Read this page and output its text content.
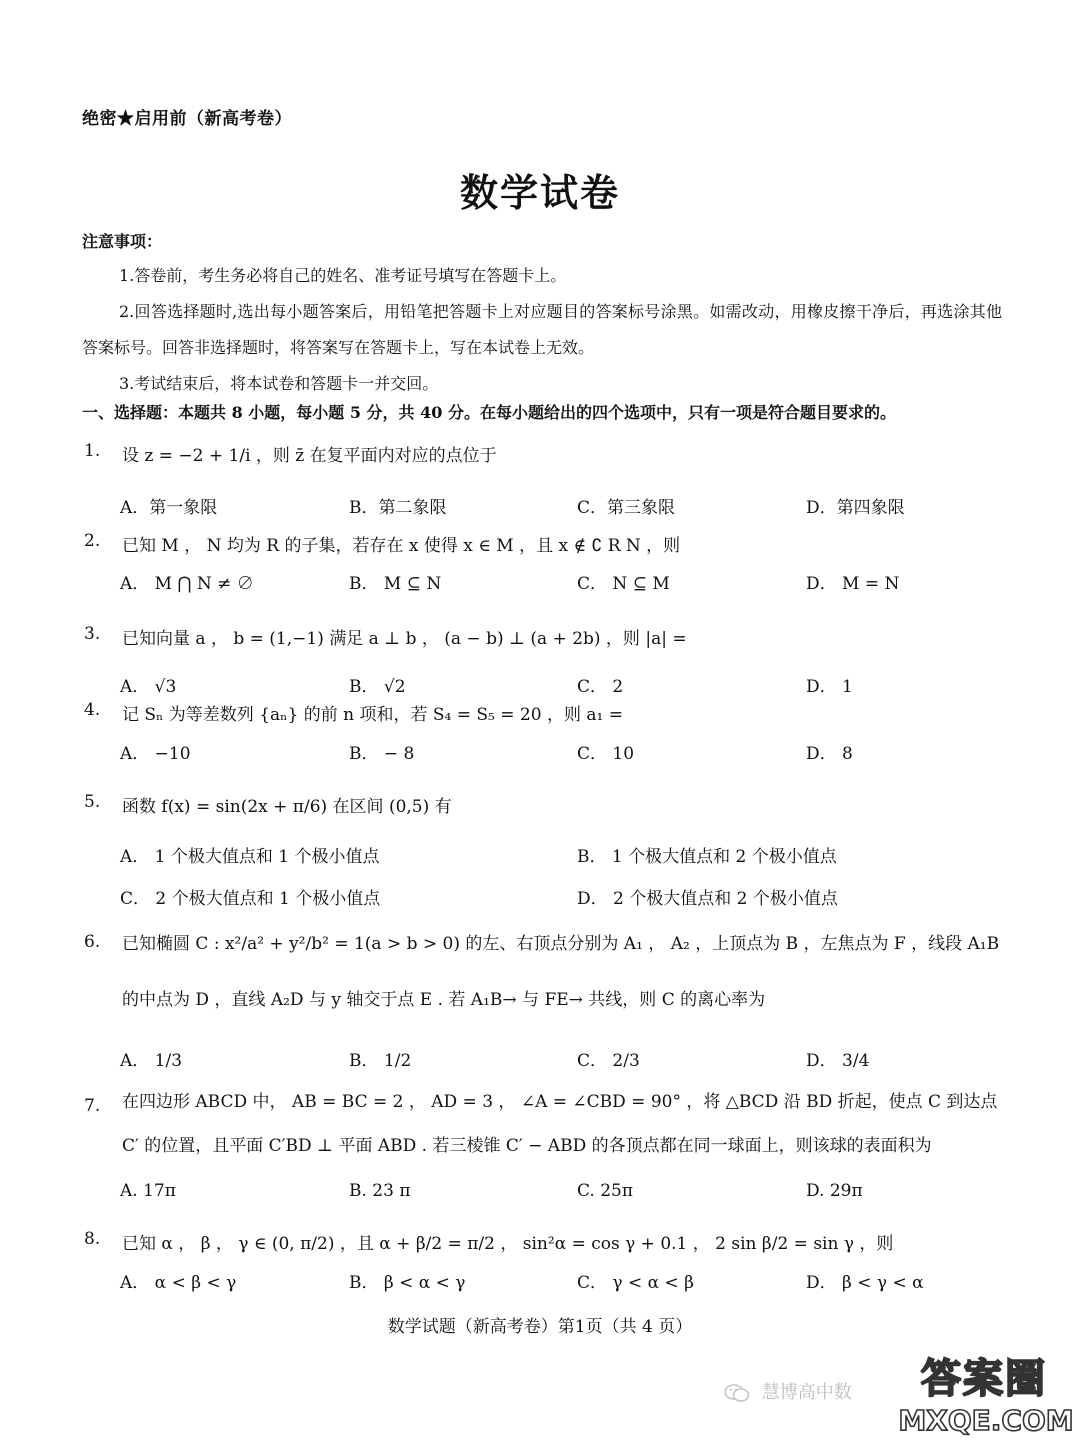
绝密★启用前（新高考卷）
数学试卷
注意事项：

1.答卷前，考生务必将自己的姓名、准考证号填写在答题卡上。

2.回答选择题时,选出每小题答案后，用铅笔把答题卡上对应题目的答案标号涂黑。如需改动，用橡皮擦干净后，再选涂其他答案标号。回答非选择题时，将答案写在答题卡上，写在本试卷上无效。

3.考试结束后，将本试卷和答题卡一并交回。

一、选择题：本题共 8 小题，每小题 5 分，共 40 分。在每小题给出的四个选项中，只有一项是符合题目要求的。
1. 设 z = −2 + 1/i ，则 z̄ 在复平面内对应的点位于
A．第一象限	B．第二象限	C．第三象限	D．第四象限
2. 已知 M ， N 均为 R 的子集，若存在 x 使得 x ∈ M ，且 x ∉ ∁ R N ，则
A． M ⋂ N ≠ ∅	B． M ⊆ N	C． N ⊆ M	D． M = N
3. 已知向量 a ， b = (1,−1) 满足 a ⊥ b ， (a − b) ⊥ (a + 2b) ，则 |a| =
A． √3	B． √2	C． 2	D． 1
4. 记 Sₙ 为等差数列 {aₙ} 的前 n 项和，若 S₄ = S₅ = 20 ，则 a₁ =
A． −10	B． − 8	C． 10	D． 8
5. 函数 f(x) = sin(2x + π/6) 在区间 (0,5) 有
A． 1 个极大值点和 1 个极小值点	B． 1 个极大值点和 2 个极小值点
C． 2 个极大值点和 1 个极小值点	D． 2 个极大值点和 2 个极小值点
6. 已知椭圆 C : x²/a² + y²/b² = 1(a > b > 0) 的左、右顶点分别为 A₁ ， A₂ ，上顶点为 B ，左焦点为 F ，线段 A₁B 的中点为 D ，直线 A₂D 与 y 轴交于点 E . 若 A₁B→ 与 FE→ 共线，则 C 的离心率为
A． 1/3	B． 1/2	C． 2/3	D． 3/4
7. 在四边形 ABCD 中， AB = BC = 2 ， AD = 3 ， ∠A = ∠CBD = 90° ，将 △BCD 沿 BD 折起，使点 C 到达点 C′ 的位置，且平面 C′BD ⊥ 平面 ABD . 若三棱锥 C′ − ABD 的各顶点都在同一球面上，则该球的表面积为
A. 17π	B. 23 π	C. 25π	D. 29π
8. 已知 α ， β ， γ ∈ (0, π/2) ，且 α + β/2 = π/2 ， sin²α = cos γ + 0.1 ， 2 sin β/2 = sin γ ，则
A． α < β < γ	B． β < α < γ	C． γ < α < β	D． β < γ < α
数学试题（新高考卷）第1页（共 4 页）
慧博高中数 答案圈
MXQE.COM
